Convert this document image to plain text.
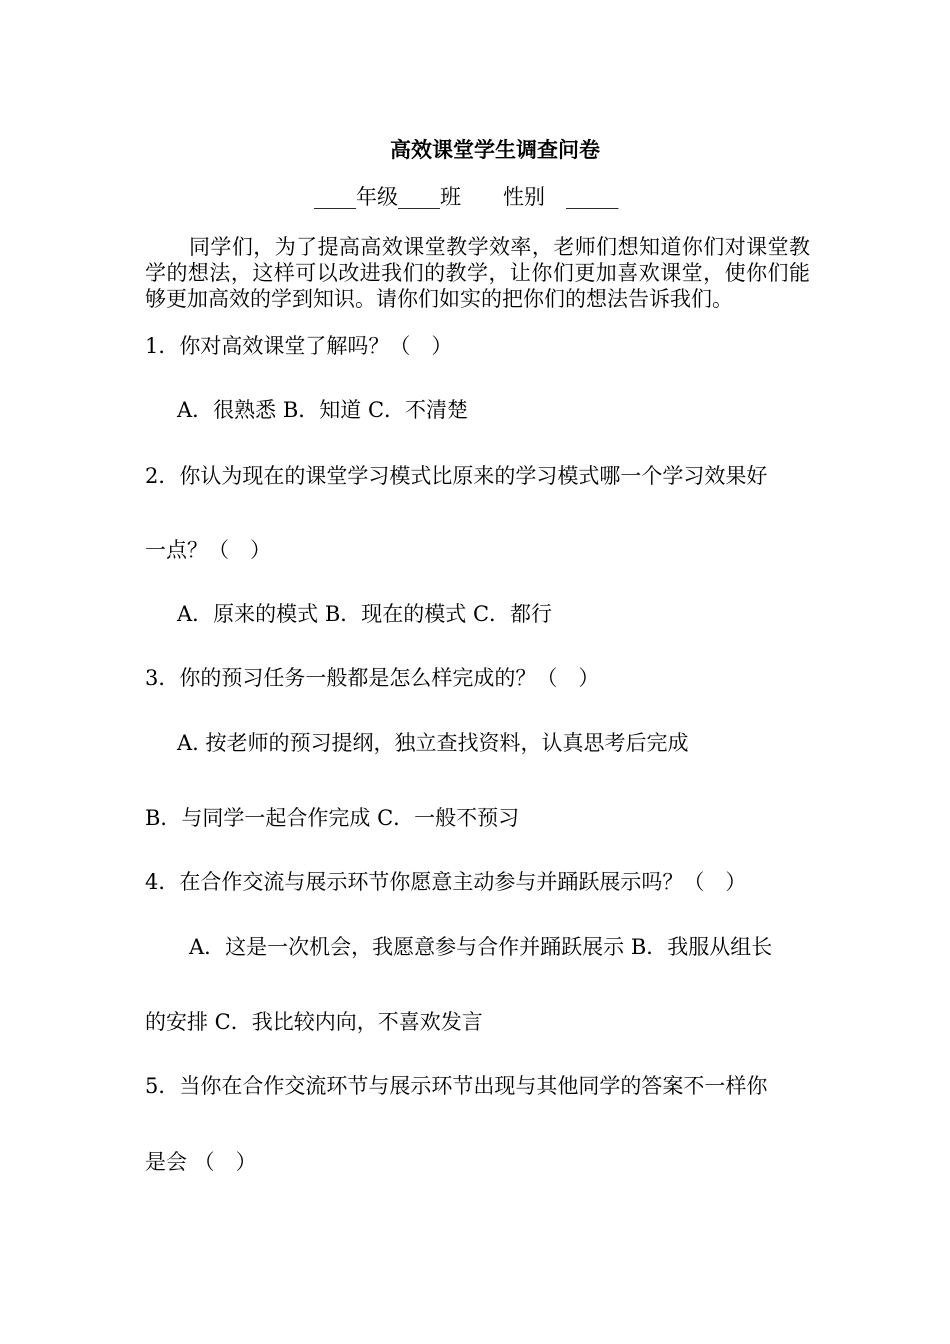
高效课堂学生调查问卷
____年级____班　　性别　_____
同学们，为了提高高效课堂教学效率，老师们想知道你们对课堂教学的想法，这样可以改进我们的教学，让你们更加喜欢课堂，使你们能够更加高效的学到知识。请你们如实的把你们的想法告诉我们。
1．你对高效课堂了解吗？（　）
A．很熟悉 B．知道 C．不清楚
2．你认为现在的课堂学习模式比原来的学习模式哪一个学习效果好
一点？（　）
A．原来的模式 B．现在的模式 C．都行
3．你的预习任务一般都是怎么样完成的？（　）
A. 按老师的预习提纲，独立查找资料，认真思考后完成
B．与同学一起合作完成 C．一般不预习
4．在合作交流与展示环节你愿意主动参与并踊跃展示吗？（　）
A．这是一次机会，我愿意参与合作并踊跃展示 B．我服从组长
的安排 C．我比较内向，不喜欢发言
5．当你在合作交流环节与展示环节出现与其他同学的答案不一样你
是会 （　）
